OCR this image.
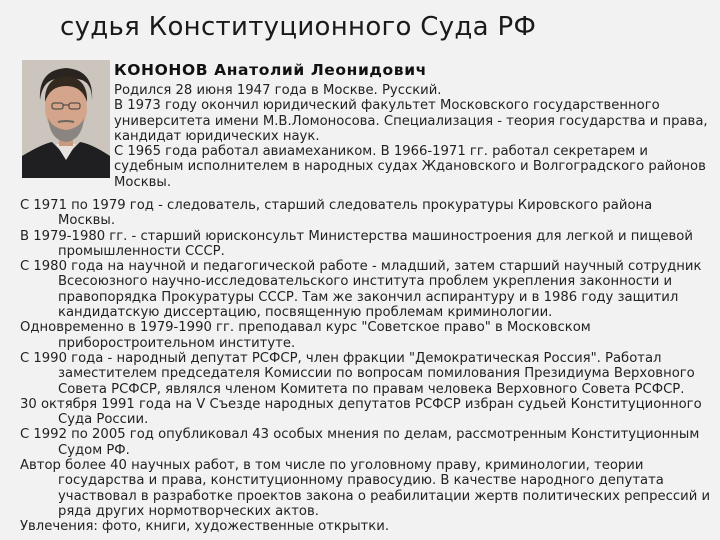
судья Конституционного Суда РФ
КОНОНОВ Анатолий Леонидович

Родился 28 июня 1947 года в Москве. Русский.

В 1973 году окончил юридический факультет Московского государственного университета имени М.В.Ломоносова. Специализация - теория государства и права, кандидат юридических наук.

С 1965 года работал авиамехаником. В 1966-1971 гг. работал секретарем и судебным исполнителем в народных судах Ждановского и Волгоградского районов Москвы.

С 1971 по 1979 год - следователь, старший следователь прокуратуры Кировского района Москвы.

В 1979-1980 гг. - старший юрисконсульт Министерства машиностроения для легкой и пищевой промышленности СССР.

С 1980 года на научной и педагогической работе - младший, затем старший научный сотрудник Всесоюзного научно-исследовательского института проблем укрепления законности и правопорядка Прокуратуры СССР. Там же закончил аспирантуру и в 1986 году защитил кандидатскую диссертацию, посвященную проблемам криминологии.

Одновременно в 1979-1990 гг. преподавал курс "Советское право" в Московском приборостроительном институте.

С 1990 года - народный депутат РСФСР, член фракции "Демократическая Россия". Работал заместителем председателя Комиссии по вопросам помилования Президиума Верховного Совета РСФСР, являлся членом Комитета по правам человека Верховного Совета РСФСР.

30 октября 1991 года на V Съезде народных депутатов РСФСР избран судьей Конституционного Суда России.

С 1992 по 2005 год опубликовал 43 особых мнения по делам, рассмотренным Конституционным Судом РФ.

Автор более 40 научных работ, в том числе по уголовному праву, криминологии, теории государства и права, конституционному правосудию. В качестве народного депутата участвовал в разработке проектов закона о реабилитации жертв политических репрессий и ряда других нормотворческих актов.

Увлечения: фото, книги, художественные открытки.
